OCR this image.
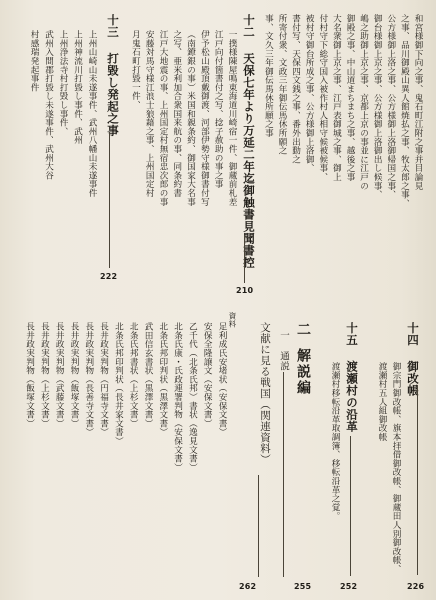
和宮様御下向之事、鬼石町江附之事并目論見
之事、品川御殿山異人館焼払之事、牧太郎之事、
公方様御上洛之事、公方様御上洛御帰国之事、
御台様御上京之事、公方様御上洛御出し候事、
嶋之助御上京之事、京都上京の事並に江戸の
御殿之事、中山道まちまち之事、越後之事
大名衆御上京之事、江戸表御城之事、御上
付村守下総守国入被作村人相守候被候事、
被村守御台所成之事、公方様御上洛御、
書付写、天保四文銭之事、番外出動之
所寄付衆、文政三年御伝馬休所願之
事、文久三年御伝馬休所願之事
十二 天保七年より万延二年迄御触書見聞書控
210
一撲様陳屋鳴東海道川崎宿一件、御蔵前札差
江戸向付箇書付之写、捻子赦助の事之事
伊予松山殿頂戴御渡、河部伊勢守様御書付写
（南鐐銀の事）米国和親条約、御国家大名事
之写、亜米利加合衆国来航の事、同条約書
江戸大地震の事、上州国定村無宿忠次郎の事
安藤対馬守様江浪士狼藉之事、上州国定村
月鬼石町打毀一件、
十三 打毀し発起之事
222
上州山崎山未遂事件、武州八幡山未遂事件
上州神流川打毀し事件、武州
上州浄法寺村打毀し事件、
武州入間郡打毀し未遂事件、武州大谷
村感瑞発起事件
十四 御改帳
226
御宗門御改帳、旗本拝借御改帳、御蔵田人別御改帳、
渡瀬村五人組御改帳
十五 渡瀬村の沿革
252
渡瀬村移転沿革取調簿、移転沿革之覚。
二
解説編
255
一 通説
文献に見る戦国（関連資料）
262
資料
足利成氏安堵状（安保文書）
安保全隆譲文（安保文書）
乙千代（北条氏邦）書状（逸見文書）
北条氏康・氏政連署判物（安保文書）
北条氏邦印判状（黒澤文書）
武田信玄書状（黒澤文書）
北条氏邦書状（上杉文書）
北条氏邦印判状（長井家文書）
長井政実判物（円福寺文書）
長井政実判物（長善寺文書）
長井政実判物（飯塚文書）
長井政実判物（武藤文書）
長井政実判物（上杉文書）
長井政実判物（飯塚文書）
